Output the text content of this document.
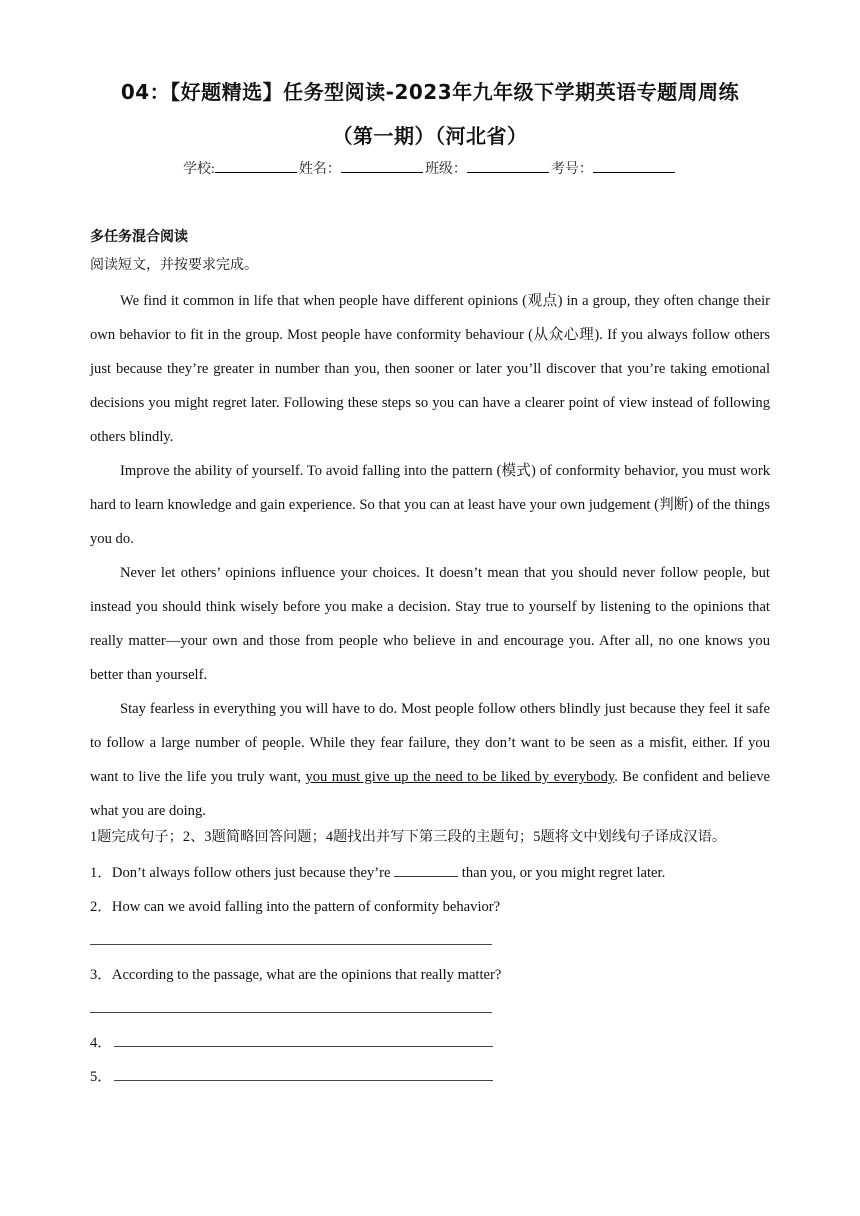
04：【好题精选】任务型阅读-2023年九年级下学期英语专题周周练
（第一期）（河北省）
学校:	姓名：	班级：	考号：
多任务混合阅读
阅读短文，并按要求完成。

We find it common in life that when people have different opinions (观点) in a group, they often change their own behavior to fit in the group. Most people have conformity behaviour (从众心理). If you always follow others just because they’re greater in number than you, then sooner or later you’ll discover that you’re taking emotional decisions you might regret later. Following these steps so you can have a clearer point of view instead of following others blindly.

Improve the ability of yourself. To avoid falling into the pattern (模式) of conformity behavior, you must work hard to learn knowledge and gain experience. So that you can at least have your own judgement (判断) of the things you do.

Never let others’ opinions influence your choices. It doesn’t mean that you should never follow people, but instead you should think wisely before you make a decision. Stay true to yourself by listening to the opinions that really matter—your own and those from people who believe in and encourage you. After all, no one knows you better than yourself.

Stay fearless in everything you will have to do. Most people follow others blindly just because they feel it safe to follow a large number of people. While they fear failure, they don’t want to be seen as a misfit, either. If you want to live the life you truly want, you must give up the need to be liked by everybody. Be confident and believe what you are doing.

1题完成句子；2、3题简略回答问题；4题找出并写下第三段的主题句；5题将文中划线句子译成汉语。
1．Don’t always follow others just because they’re	than you, or you might regret later.
2．How can we avoid falling into the pattern of conformity behavior?
3．According to the passage, what are the opinions that really matter?
4．
5．
